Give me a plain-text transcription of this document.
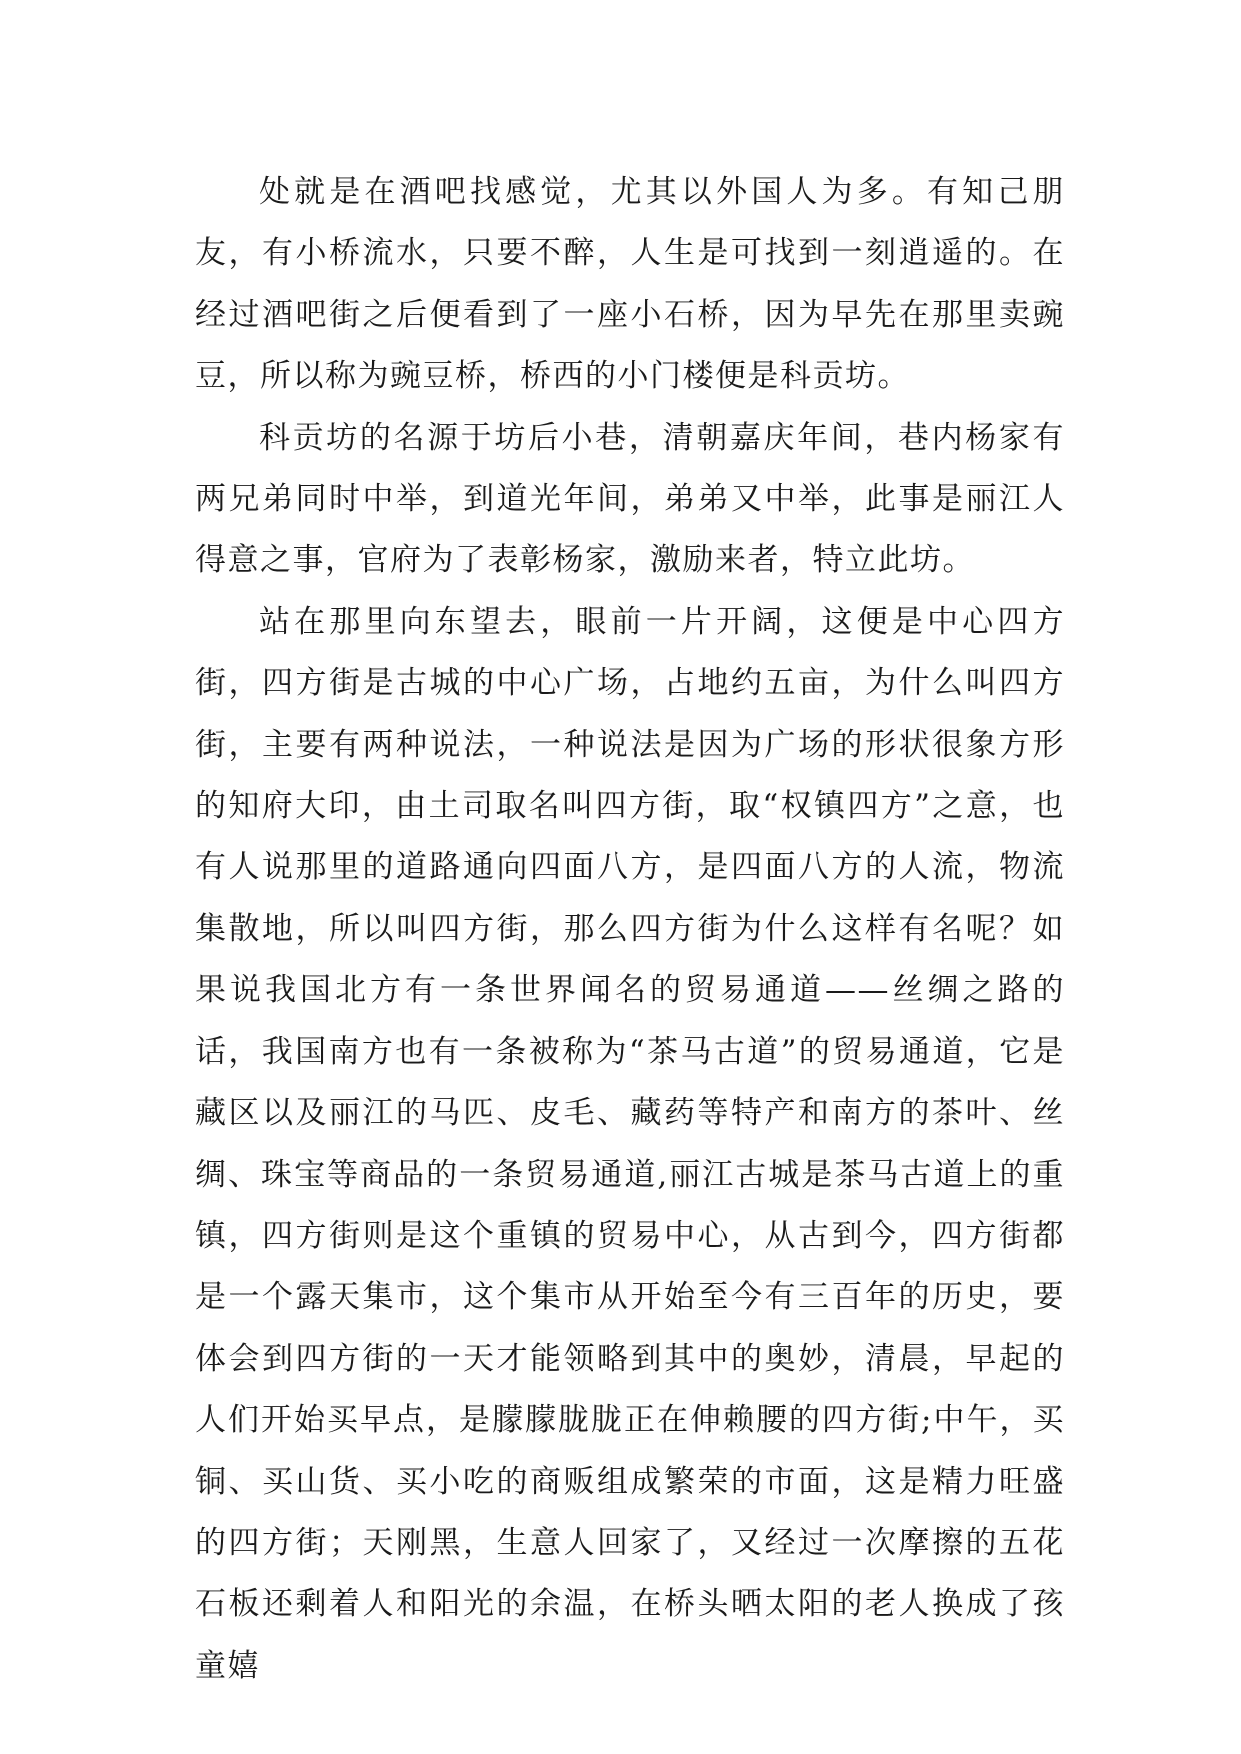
处就是在酒吧找感觉，尤其以外国人为多。有知己朋友，有小桥流水，只要不醉，人生是可找到一刻逍遥的。在经过酒吧街之后便看到了一座小石桥，因为早先在那里卖豌豆，所以称为豌豆桥，桥西的小门楼便是科贡坊。

科贡坊的名源于坊后小巷，清朝嘉庆年间，巷内杨家有两兄弟同时中举，到道光年间，弟弟又中举，此事是丽江人得意之事，官府为了表彰杨家，激励来者，特立此坊。

站在那里向东望去，眼前一片开阔，这便是中心四方街，四方街是古城的中心广场，占地约五亩，为什么叫四方街，主要有两种说法，一种说法是因为广场的形状很象方形的知府大印，由土司取名叫四方街，取“权镇四方”之意，也有人说那里的道路通向四面八方，是四面八方的人流，物流集散地，所以叫四方街，那么四方街为什么这样有名呢？如果说我国北方有一条世界闻名的贸易通道——丝绸之路的话，我国南方也有一条被称为“茶马古道”的贸易通道，它是藏区以及丽江的马匹、皮毛、藏药等特产和南方的茶叶、丝绸、珠宝等商品的一条贸易通道,丽江古城是茶马古道上的重镇，四方街则是这个重镇的贸易中心，从古到今，四方街都是一个露天集市，这个集市从开始至今有三百年的历史，要体会到四方街的一天才能领略到其中的奥妙，清晨，早起的人们开始买早点，是朦朦胧胧正在伸赖腰的四方街;中午，买铜、买山货、买小吃的商贩组成繁荣的市面，这是精力旺盛的四方街；天刚黑，生意人回家了，又经过一次摩擦的五花石板还剩着人和阳光的余温，在桥头晒太阳的老人换成了孩童嬉
